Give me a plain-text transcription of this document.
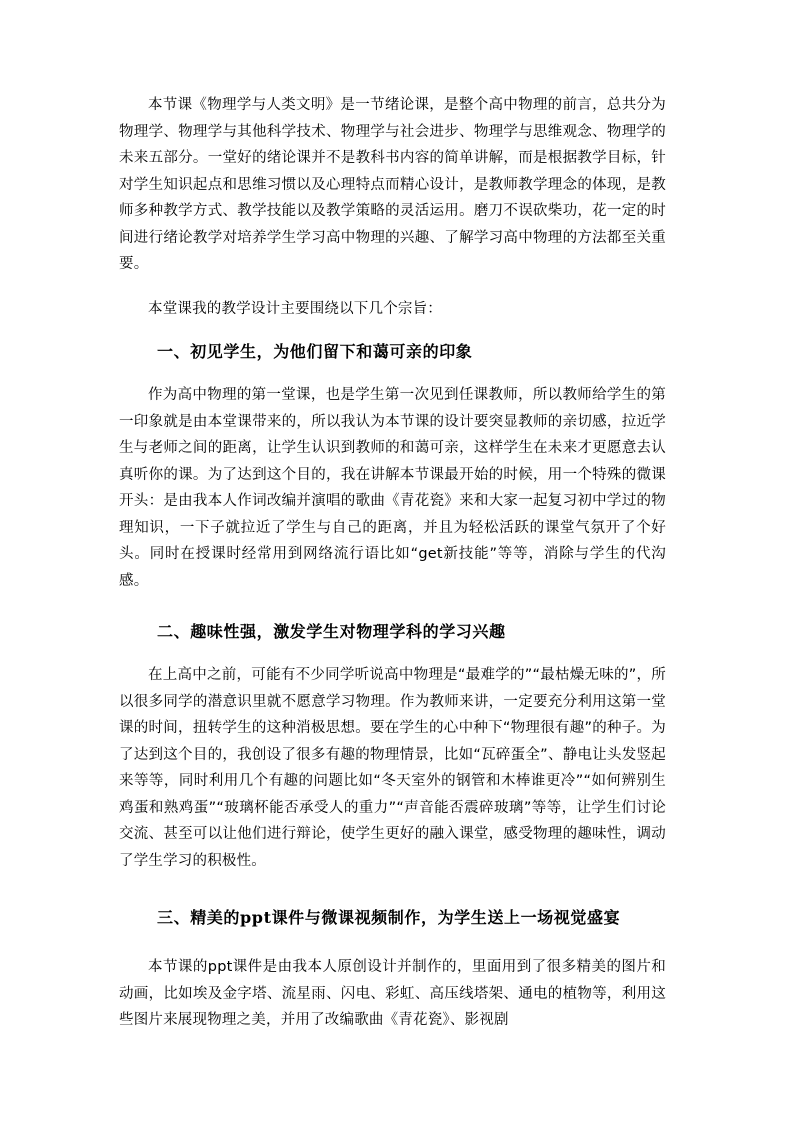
本节课《物理学与人类文明》是一节绪论课，是整个高中物理的前言，总共分为物理学、物理学与其他科学技术、物理学与社会进步、物理学与思维观念、物理学的未来五部分。一堂好的绪论课并不是教科书内容的简单讲解，而是根据教学目标，针对学生知识起点和思维习惯以及心理特点而精心设计，是教师教学理念的体现，是教师多种教学方式、教学技能以及教学策略的灵活运用。磨刀不误砍柴功，花一定的时间进行绪论教学对培养学生学习高中物理的兴趣、了解学习高中物理的方法都至关重要。

本堂课我的教学设计主要围绕以下几个宗旨：

一、初见学生，为他们留下和蔼可亲的印象

作为高中物理的第一堂课，也是学生第一次见到任课教师，所以教师给学生的第一印象就是由本堂课带来的，所以我认为本节课的设计要突显教师的亲切感，拉近学生与老师之间的距离，让学生认识到教师的和蔼可亲，这样学生在未来才更愿意去认真听你的课。为了达到这个目的，我在讲解本节课最开始的时候，用一个特殊的微课开头：是由我本人作词改编并演唱的歌曲《青花瓷》来和大家一起复习初中学过的物理知识，一下子就拉近了学生与自己的距离，并且为轻松活跃的课堂气氛开了个好头。同时在授课时经常用到网络流行语比如“get新技能”等等，消除与学生的代沟感。

二、趣味性强，激发学生对物理学科的学习兴趣

在上高中之前，可能有不少同学听说高中物理是“最难学的”“最枯燥无味的”，所以很多同学的潜意识里就不愿意学习物理。作为教师来讲，一定要充分利用这第一堂课的时间，扭转学生的这种消极思想。要在学生的心中种下“物理很有趣”的种子。为了达到这个目的，我创设了很多有趣的物理情景，比如“瓦碎蛋全”、静电让头发竖起来等等，同时利用几个有趣的问题比如“冬天室外的钢管和木棒谁更冷”“如何辨别生鸡蛋和熟鸡蛋”“玻璃杯能否承受人的重力”“声音能否震碎玻璃”等等，让学生们讨论交流、甚至可以让他们进行辩论，使学生更好的融入课堂，感受物理的趣味性，调动了学生学习的积极性。

三、精美的ppt课件与微课视频制作，为学生送上一场视觉盛宴

本节课的ppt课件是由我本人原创设计并制作的，里面用到了很多精美的图片和动画，比如埃及金字塔、流星雨、闪电、彩虹、高压线塔架、通电的植物等，利用这些图片来展现物理之美，并用了改编歌曲《青花瓷》、影视剧
